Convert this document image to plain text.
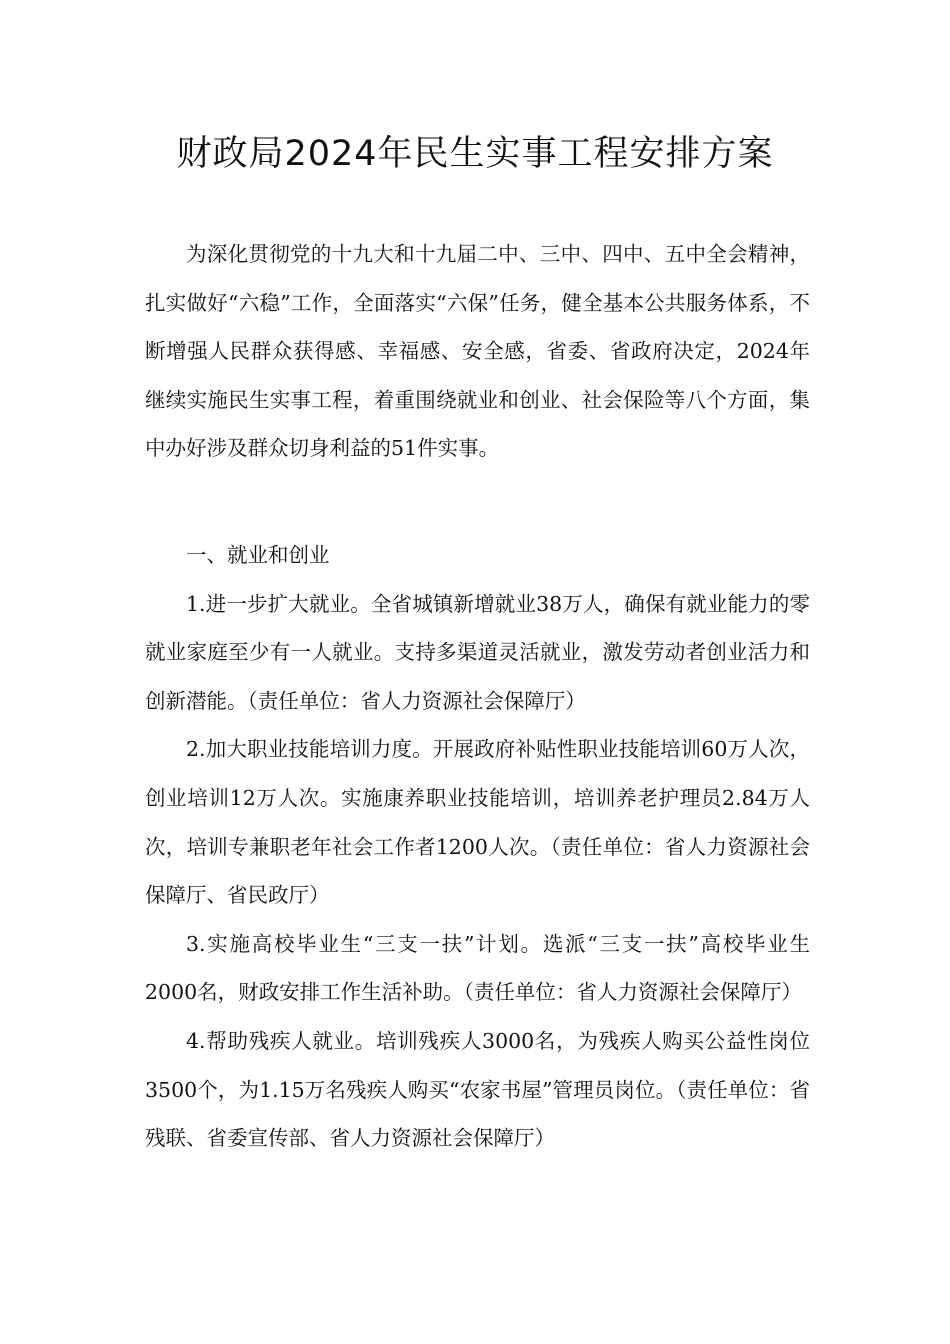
财政局2024年民生实事工程安排方案

为深化贯彻党的十九大和十九届二中、三中、四中、五中全会精神，扎实做好“六稳”工作，全面落实“六保”任务，健全基本公共服务体系，不断增强人民群众获得感、幸福感、安全感，省委、省政府决定，2024年继续实施民生实事工程，着重围绕就业和创业、社会保险等八个方面，集中办好涉及群众切身利益的51件实事。

一、就业和创业

1.进一步扩大就业。全省城镇新增就业38万人，确保有就业能力的零就业家庭至少有一人就业。支持多渠道灵活就业，激发劳动者创业活力和创新潜能。（责任单位：省人力资源社会保障厅）

2.加大职业技能培训力度。开展政府补贴性职业技能培训60万人次，创业培训12万人次。实施康养职业技能培训，培训养老护理员2.84万人次，培训专兼职老年社会工作者1200人次。（责任单位：省人力资源社会保障厅、省民政厅）

3.实施高校毕业生“三支一扶”计划。选派“三支一扶”高校毕业生2000名，财政安排工作生活补助。（责任单位：省人力资源社会保障厅）

4.帮助残疾人就业。培训残疾人3000名，为残疾人购买公益性岗位3500个，为1.15万名残疾人购买“农家书屋”管理员岗位。（责任单位：省残联、省委宣传部、省人力资源社会保障厅）
